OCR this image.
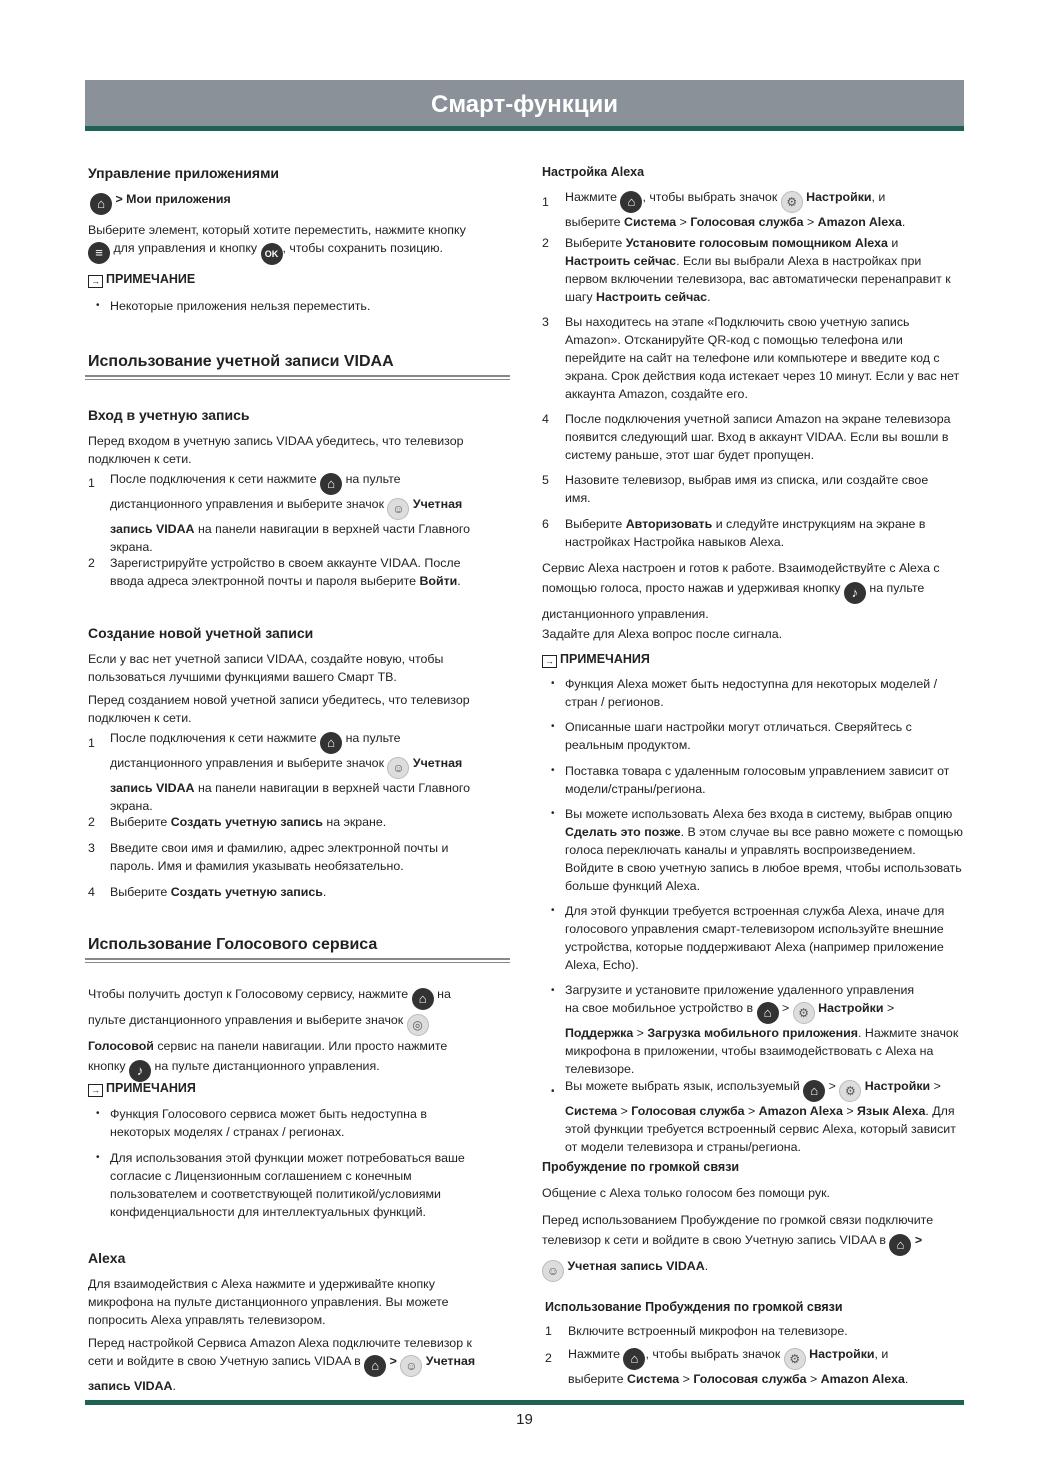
Смарт-функции
Управление приложениями
⌂ > Мои приложения
Выберите элемент, который хотите переместить, нажмите кнопку
≡ для управления и кнопку OK , чтобы сохранить позицию.
→ ПРИМЕЧАНИЕ
• Некоторые приложения нельзя переместить.
Использование учетной записи VIDAA
Вход в учетную запись
Перед входом в учетную запись VIDAA убедитесь, что телевизор подключен к сети.
1 После подключения к сети нажмите ⌂ на пульте
дистанционного управления и выберите значок ☺ Учетная
запись VIDAA на панели навигации в верхней части Главного
экрана.
2 Зарегистрируйте устройство в своем аккаунте VIDAA. После
ввода адреса электронной почты и пароля выберите Войти.
Создание новой учетной записи
Если у вас нет учетной записи VIDAA, создайте новую, чтобы пользоваться лучшими функциями вашего Смарт ТВ.
Перед созданием новой учетной записи убедитесь, что телевизор подключен к сети.
1 После подключения к сети нажмите ⌂ на пульте
дистанционного управления и выберите значок ☺ Учетная
запись VIDAA на панели навигации в верхней части Главного
экрана.
2 Выберите Создать учетную запись на экране.
3 Введите свои имя и фамилию, адрес электронной почты и пароль. Имя и фамилия указывать необязательно.
4 Выберите Создать учетную запись.
Использование Голосового сервиса
Чтобы получить доступ к Голосовому сервису, нажмите ⌂ на
пульте дистанционного управления и выберите значок ◎
Голосовой сервис на панели навигации. Или просто нажмите
кнопку ♪ на пульте дистанционного управления.
→ ПРИМЕЧАНИЯ
• Функция Голосового сервиса может быть недоступна в некоторых моделях / странах / регионах.
• Для использования этой функции может потребоваться ваше согласие с Лицензионным соглашением с конечным пользователем и соответствующей политикой/условиями конфиденциальности для интеллектуальных функций.
Alexa
Для взаимодействия с Alexa нажмите и удерживайте кнопку микрофона на пульте дистанционного управления. Вы можете попросить Alexa управлять телевизором.
Перед настройкой Сервиса Amazon Alexa подключите телевизор к
сети и войдите в свою Учетную запись VIDAA в ⌂ > ☺ Учетная
запись VIDAA.
Настройка Alexa
1 Нажмите ⌂ , чтобы выбрать значок ⚙ Настройки, и
выберите Система > Голосовая служба > Amazon Alexa.
2 Выберите Установите голосовым помощником Alexa и Настроить сейчас. Если вы выбрали Alexa в настройках при первом включении телевизора, вас автоматически перенаправит к шагу Настроить сейчас.
3 Вы находитесь на этапе «Подключить свою учетную запись Amazon». Отсканируйте QR-код с помощью телефона или перейдите на сайт на телефоне или компьютере и введите код с экрана. Срок действия кода истекает через 10 минут. Если у вас нет аккаунта Amazon, создайте его.
4 После подключения учетной записи Amazon на экране телевизора появится следующий шаг. Вход в аккаунт VIDAA. Если вы вошли в систему раньше, этот шаг будет пропущен.
5 Назовите телевизор, выбрав имя из списка, или создайте свое имя.
6 Выберите Авторизовать и следуйте инструкциям на экране в настройках Настройка навыков Alexa.
Сервис Alexa настроен и готов к работе. Взаимодействуйте с Alexa с
помощью голоса, просто нажав и удерживая кнопку ♪ на пульте
дистанционного управления.
Задайте для Alexa вопрос после сигнала.
→ ПРИМЕЧАНИЯ
• Функция Alexa может быть недоступна для некоторых моделей / стран / регионов.
• Описанные шаги настройки могут отличаться. Сверяйтесь с реальным продуктом.
• Поставка товара с удаленным голосовым управлением зависит от модели/страны/региона.
• Вы можете использовать Alexa без входа в систему, выбрав опцию Сделать это позже. В этом случае вы все равно можете с помощью голоса переключать каналы и управлять воспроизведением. Войдите в свою учетную запись в любое время, чтобы использовать больше функций Alexa.
• Для этой функции требуется встроенная служба Alexa, иначе для голосового управления смарт-телевизором используйте внешние устройства, которые поддерживают Alexa (например приложение Alexa, Echo).
• Загрузите и установите приложение удаленного управления
на свое мобильное устройство в ⌂ > ⚙ Настройки >
Поддержка > Загрузка мобильного приложения. Нажмите значок микрофона в приложении, чтобы взаимодействовать с Alexa на телевизоре.
• Вы можете выбрать язык, используемый ⌂ > ⚙ Настройки >
Система > Голосовая служба > Amazon Alexa > Язык Alexa. Для этой функции требуется встроенный сервис Alexa, который зависит от модели телевизора и страны/региона.
Пробуждение по громкой связи
Общение с Alexa только голосом без помощи рук.
Перед использованием Пробуждение по громкой связи подключите
телевизор к сети и войдите в свою Учетную запись VIDAA в ⌂ >
☺ Учетная запись VIDAA.
Использование Пробуждения по громкой связи
1 Включите встроенный микрофон на телевизоре.
2 Нажмите ⌂ , чтобы выбрать значок ⚙ Настройки, и
выберите Система > Голосовая служба > Amazon Alexa.
19
